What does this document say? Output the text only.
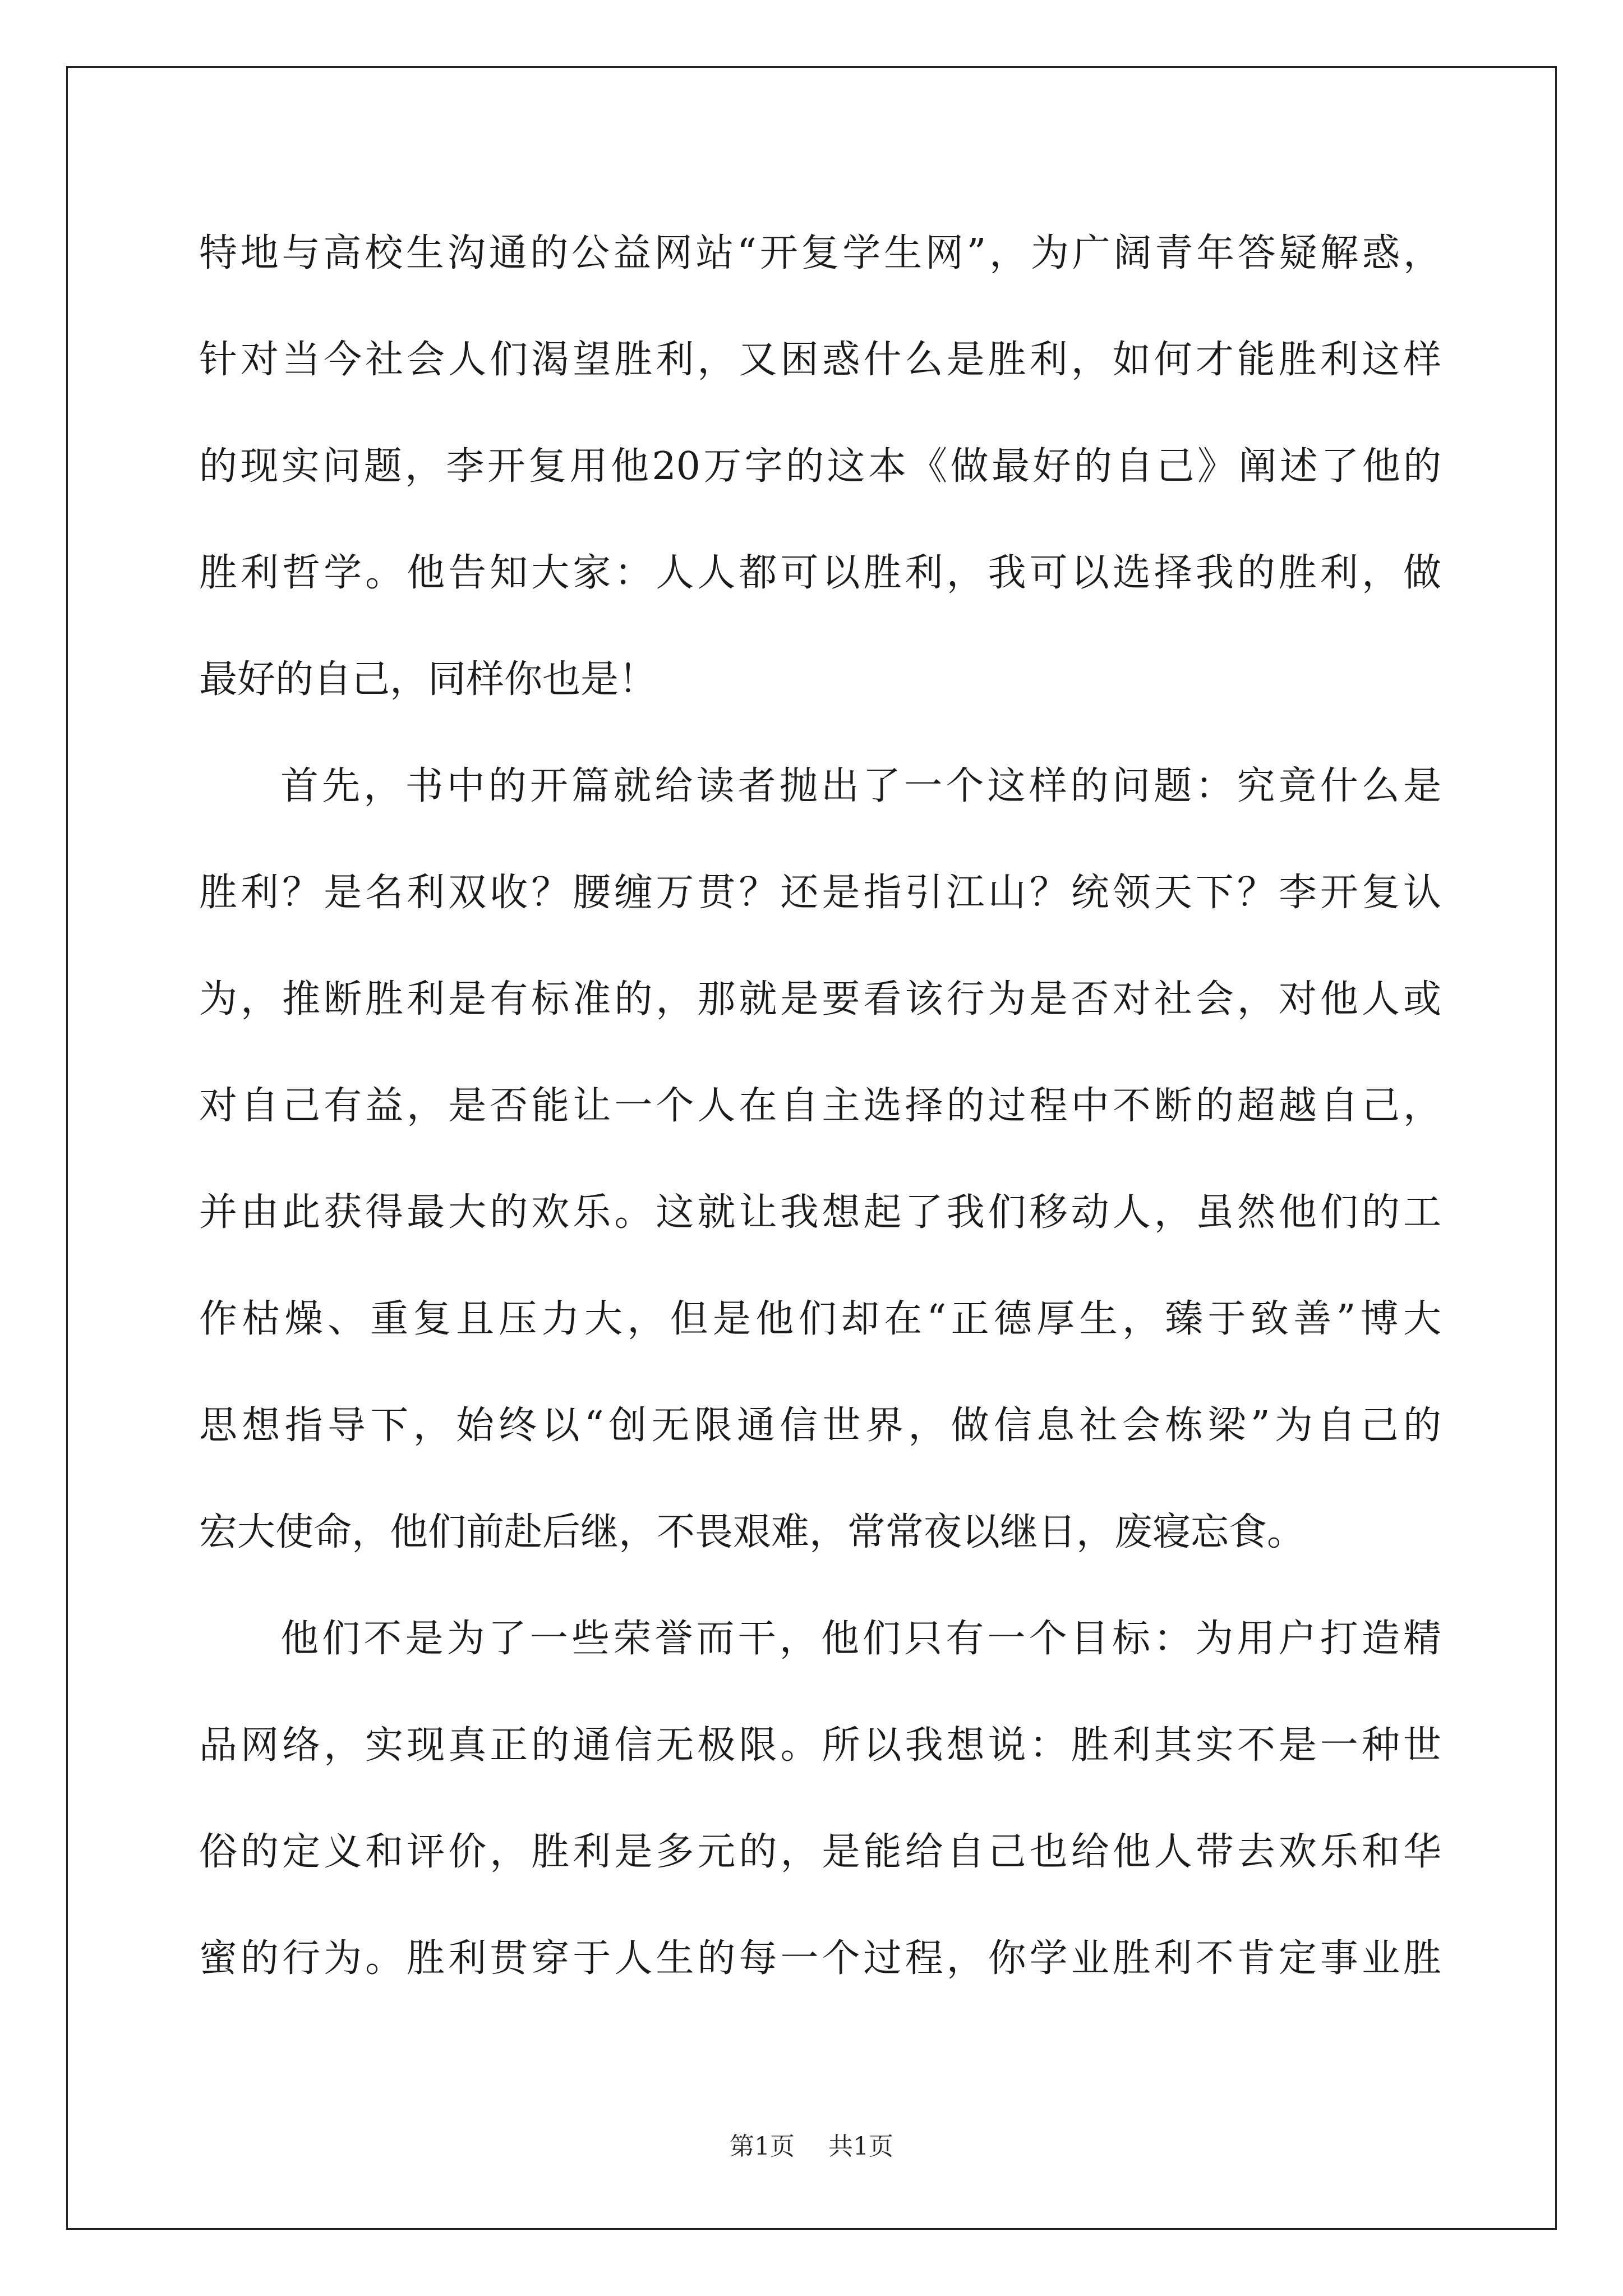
特地与高校生沟通的公益网站“开复学生网”，为广阔青年答疑解惑，
针对当今社会人们渴望胜利，又困惑什么是胜利，如何才能胜利这样
的现实问题，李开复用他20万字的这本《做最好的自己》阐述了他的
胜利哲学。他告知大家：人人都可以胜利，我可以选择我的胜利，做
最好的自己，同样你也是！
首先，书中的开篇就给读者抛出了一个这样的问题：究竟什么是
胜利？是名利双收？腰缠万贯？还是指引江山？统领天下？李开复认
为，推断胜利是有标准的，那就是要看该行为是否对社会，对他人或
对自己有益，是否能让一个人在自主选择的过程中不断的超越自己，
并由此获得最大的欢乐。这就让我想起了我们移动人，虽然他们的工
作枯燥、重复且压力大，但是他们却在“正德厚生，臻于致善”博大
思想指导下，始终以“创无限通信世界，做信息社会栋梁”为自己的
宏大使命，他们前赴后继，不畏艰难，常常夜以继日，废寝忘食。
他们不是为了一些荣誉而干，他们只有一个目标：为用户打造精
品网络，实现真正的通信无极限。所以我想说：胜利其实不是一种世
俗的定义和评价，胜利是多元的，是能给自己也给他人带去欢乐和华
蜜的行为。胜利贯穿于人生的每一个过程，你学业胜利不肯定事业胜
第1页 共1页
